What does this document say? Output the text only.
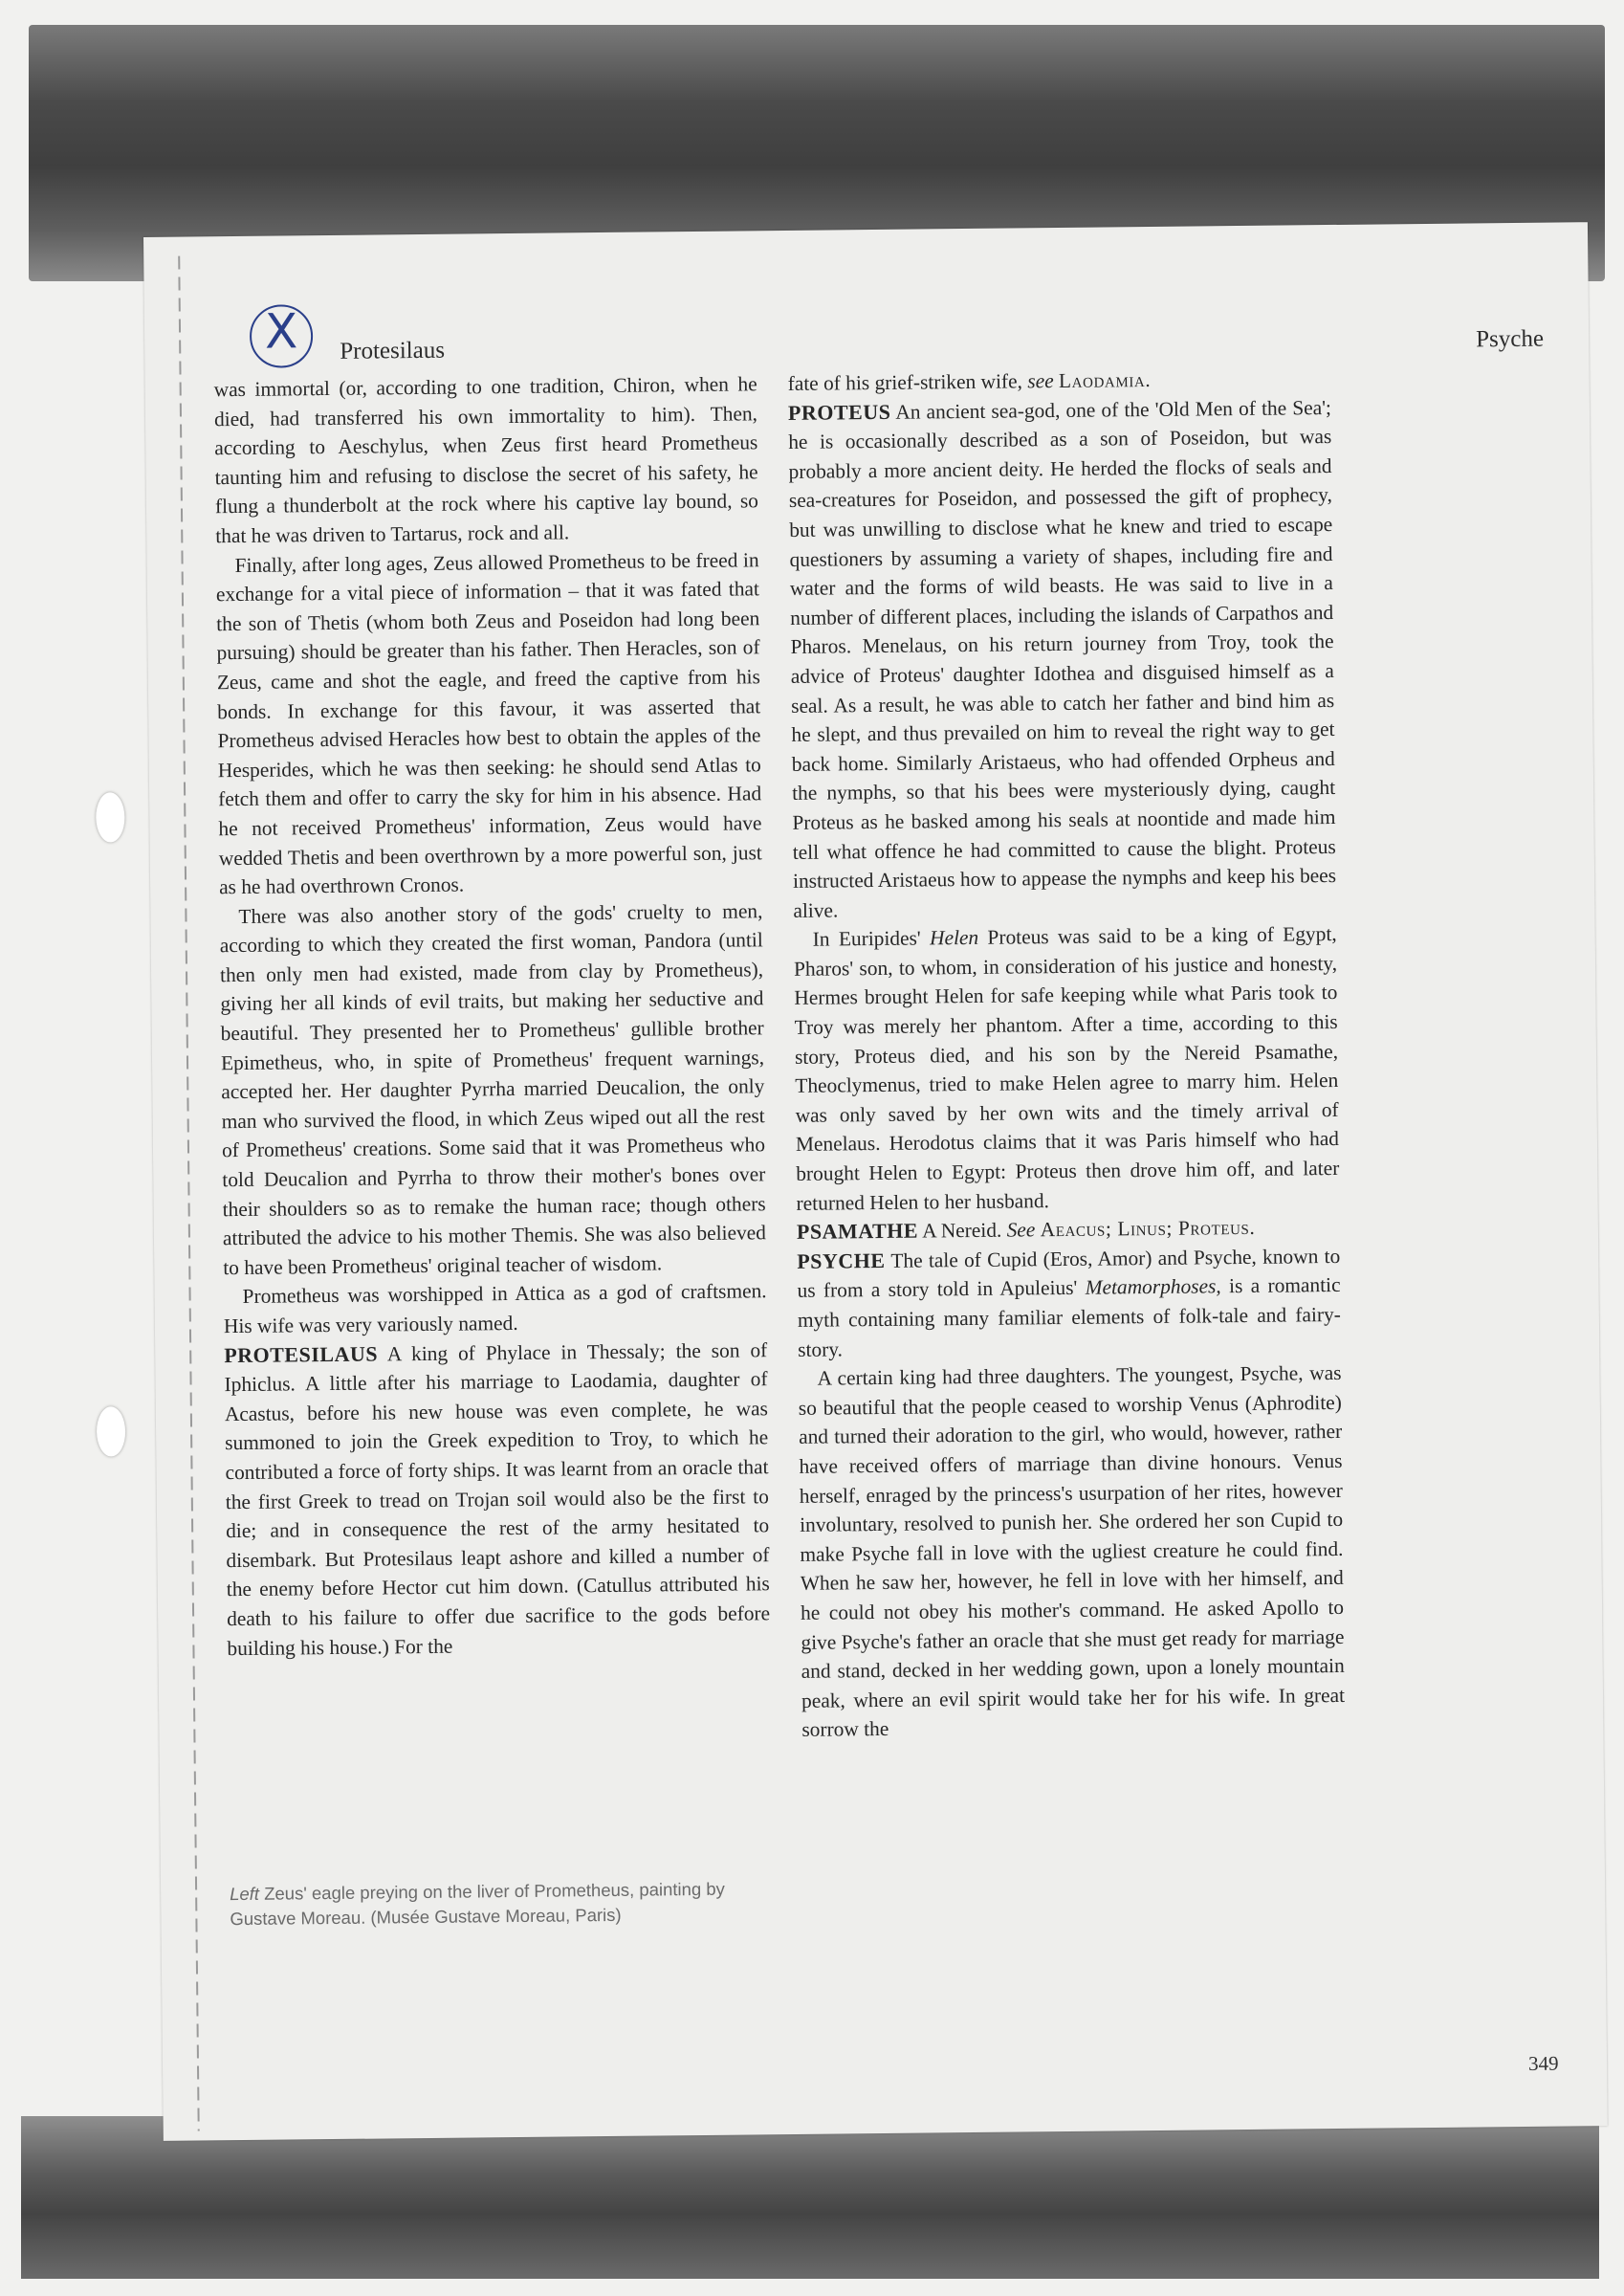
X	Protesilaus	Psyche

was immortal (or, according to one tradition, Chiron, when he died, had transferred his own immortality to him). Then, according to Aeschylus, when Zeus first heard Prometheus taunting him and refusing to disclose the secret of his safety, he flung a thunderbolt at the rock where his captive lay bound, so that he was driven to Tartarus, rock and all.

Finally, after long ages, Zeus allowed Prometheus to be freed in exchange for a vital piece of information – that it was fated that the son of Thetis (whom both Zeus and Poseidon had long been pursuing) should be greater than his father. Then Heracles, son of Zeus, came and shot the eagle, and freed the captive from his bonds. In exchange for this favour, it was asserted that Prometheus advised Heracles how best to obtain the apples of the Hesperides, which he was then seeking: he should send Atlas to fetch them and offer to carry the sky for him in his absence. Had he not received Prometheus' information, Zeus would have wedded Thetis and been overthrown by a more powerful son, just as he had overthrown Cronos.

There was also another story of the gods' cruelty to men, according to which they created the first woman, Pandora (until then only men had existed, made from clay by Prometheus), giving her all kinds of evil traits, but making her seductive and beautiful. They presented her to Prometheus' gullible brother Epimetheus, who, in spite of Prometheus' frequent warnings, accepted her. Her daughter Pyrrha married Deucalion, the only man who survived the flood, in which Zeus wiped out all the rest of Prometheus' creations. Some said that it was Prometheus who told Deucalion and Pyrrha to throw their mother's bones over their shoulders so as to remake the human race; though others attributed the advice to his mother Themis. She was also believed to have been Prometheus' original teacher of wisdom.

Prometheus was worshipped in Attica as a god of craftsmen. His wife was very variously named.

PROTESILAUS A king of Phylace in Thessaly; the son of Iphiclus. A little after his marriage to Laodamia, daughter of Acastus, before his new house was even complete, he was summoned to join the Greek expedition to Troy, to which he contributed a force of forty ships. It was learnt from an oracle that the first Greek to tread on Trojan soil would also be the first to die; and in consequence the rest of the army hesitated to disembark. But Protesilaus leapt ashore and killed a number of the enemy before Hector cut him down. (Catullus attributed his death to his failure to offer due sacrifice to the gods before building his house.) For the

Left Zeus' eagle preying on the liver of Prometheus, painting by Gustave Moreau. (Musée Gustave Moreau, Paris)

fate of his grief-striken wife, see Laodamia.

PROTEUS An ancient sea-god, one of the 'Old Men of the Sea'; he is occasionally described as a son of Poseidon, but was probably a more ancient deity. He herded the flocks of seals and sea-creatures for Poseidon, and possessed the gift of prophecy, but was unwilling to disclose what he knew and tried to escape questioners by assuming a variety of shapes, including fire and water and the forms of wild beasts. He was said to live in a number of different places, including the islands of Carpathos and Pharos. Menelaus, on his return journey from Troy, took the advice of Proteus' daughter Idothea and disguised himself as a seal. As a result, he was able to catch her father and bind him as he slept, and thus prevailed on him to reveal the right way to get back home. Similarly Aristaeus, who had offended Orpheus and the nymphs, so that his bees were mysteriously dying, caught Proteus as he basked among his seals at noontide and made him tell what offence he had committed to cause the blight. Proteus instructed Aristaeus how to appease the nymphs and keep his bees alive.

In Euripides' Helen Proteus was said to be a king of Egypt, Pharos' son, to whom, in consideration of his justice and honesty, Hermes brought Helen for safe keeping while what Paris took to Troy was merely her phantom. After a time, according to this story, Proteus died, and his son by the Nereid Psamathe, Theoclymenus, tried to make Helen agree to marry him. Helen was only saved by her own wits and the timely arrival of Menelaus. Herodotus claims that it was Paris himself who had brought Helen to Egypt: Proteus then drove him off, and later returned Helen to her husband.

PSAMATHE A Nereid. See Aeacus; Linus; Proteus.

PSYCHE The tale of Cupid (Eros, Amor) and Psyche, known to us from a story told in Apuleius' Metamorphoses, is a romantic myth containing many familiar elements of folk-tale and fairy-story.

A certain king had three daughters. The youngest, Psyche, was so beautiful that the people ceased to worship Venus (Aphrodite) and turned their adoration to the girl, who would, however, rather have received offers of marriage than divine honours. Venus herself, enraged by the princess's usurpation of her rites, however involuntary, resolved to punish her. She ordered her son Cupid to make Psyche fall in love with the ugliest creature he could find. When he saw her, however, he fell in love with her himself, and he could not obey his mother's command. He asked Apollo to give Psyche's father an oracle that she must get ready for marriage and stand, decked in her wedding gown, upon a lonely mountain peak, where an evil spirit would take her for his wife. In great sorrow the

349
